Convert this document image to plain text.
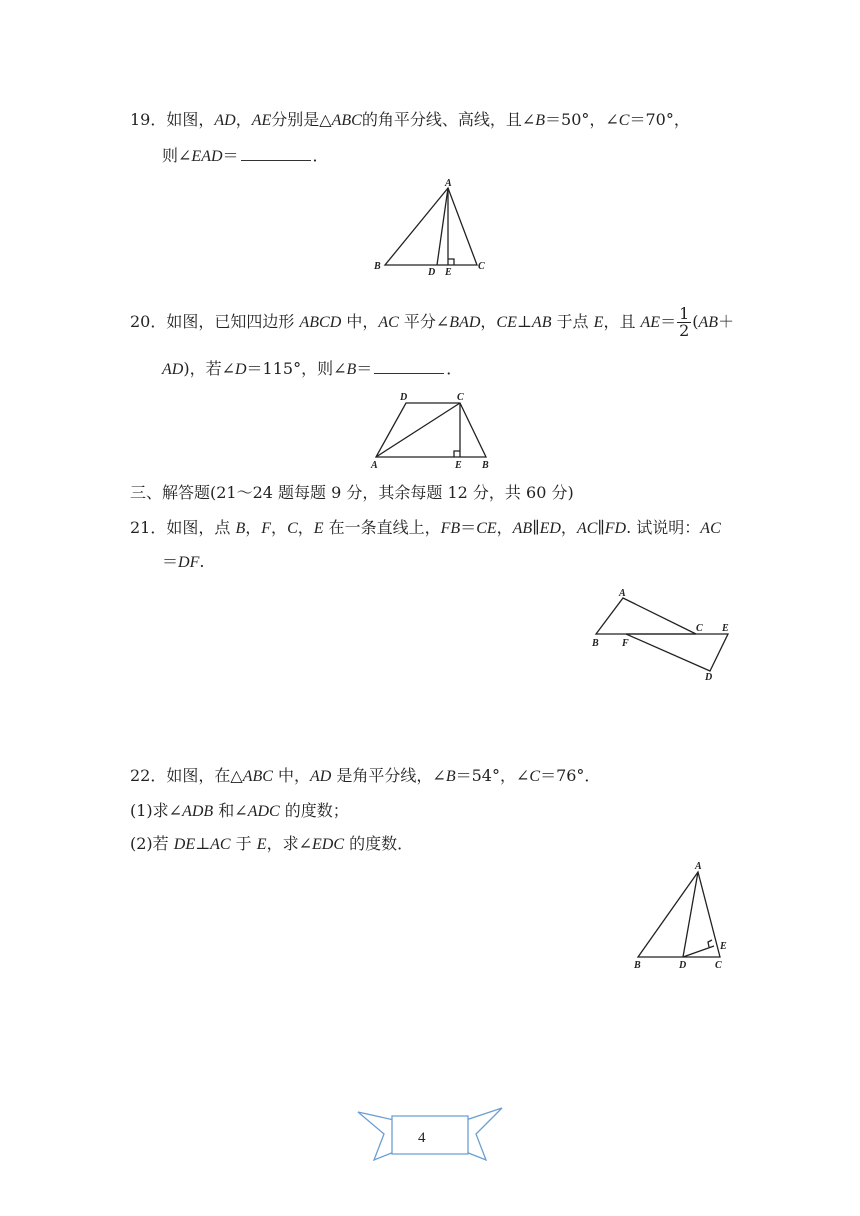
19．如图，AD，AE分别是△ABC的角平分线、高线，且∠B＝50°，∠C＝70°，
则∠EAD＝	．
A
B
D E
C
20．如图，已知四边形 ABCD 中，AC 平分∠BAD，CE⊥AB 于点 E，且 $AE= \frac{1}{2} (AB+$
AD)，若∠D＝115°，则∠B＝	．
D	C
A	E B
三、解答题(21～24 题每题 9 分，其余每题 12 分，共 60 分)
21．如图，点 B，F，C，E 在一条直线上，FB＝CE，AB∥ED，AC∥FD. 试说明：AC
＝DF.
A
C E
B F
D
22．如图，在△ABC 中，AD 是角平分线，∠B＝54°，∠C＝76°．
(1)求∠ADB 和∠ADC 的度数；
(2)若 DE⊥AC 于 E，求∠EDC 的度数．
A
E
B	D	C
4
